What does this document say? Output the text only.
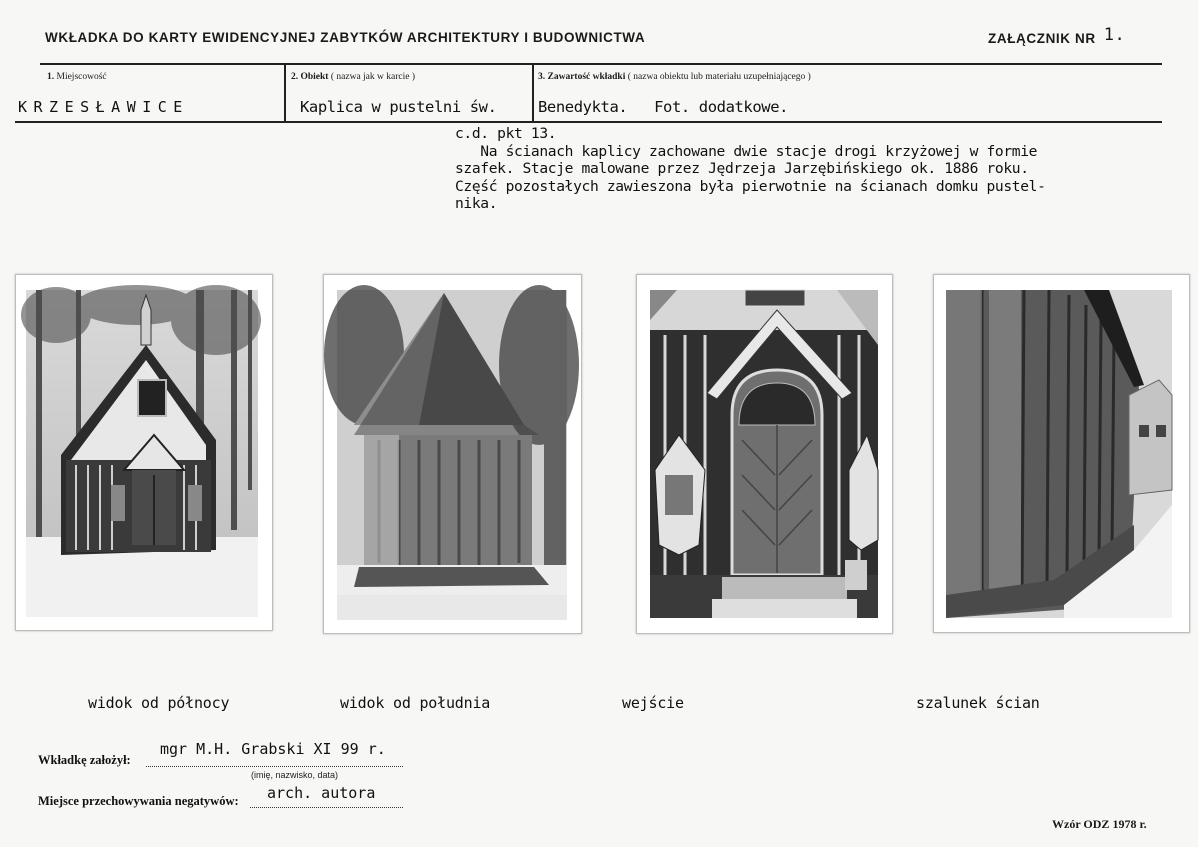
WKŁADKA DO KARTY EWIDENCYJNEJ ZABYTKÓW ARCHITEKTURY I BUDOWNICTWA	ZAŁĄCZNIK NR 1.
1. Miejscowość	2. Obiekt ( nazwa jak w karcie )	3. Zawartość wkładki ( nazwa obiektu lub materiału uzupełniającego )
KRZESŁAWICE	Kaplica w pustelni św.	Benedykta.   Fot. dodatkowe.
c.d. pkt 13.
Na ścianach kaplicy zachowane dwie stacje drogi krzyżowej w formie
szafek. Stacje malowane przez Jędrzeja Jarzębińskiego ok. 1886 roku.
Część pozostałych zawieszona była pierwotnie na ścianach domku pustel-
nika.
widok od północy	widok od południa	wejście	szalunek ścian
Wkładkę założył:
mgr M.H. Grabski XI 99 r.
(imię, nazwisko, data)
Miejsce przechowywania negatywów: arch. autora
Wzór ODZ 1978 r.
